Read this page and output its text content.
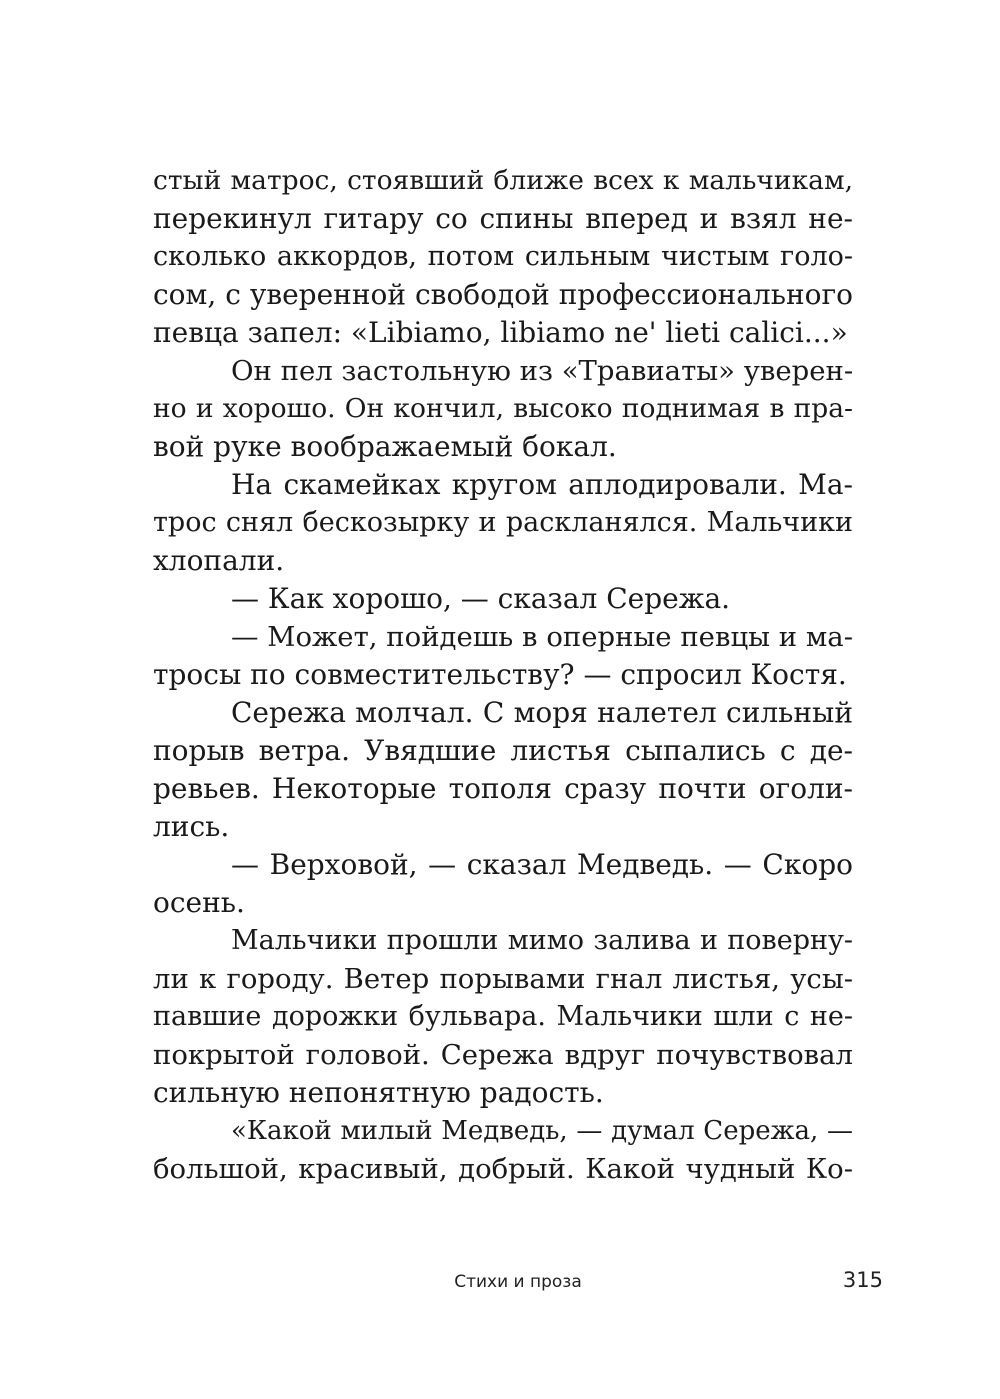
стый матрос, стоявший ближе всех к мальчикам,
перекинул гитару со спины вперед и взял не-
сколько аккордов, потом сильным чистым голо-
сом, с уверенной свободой профессионального
певца запел: «Libiamo, libiamo ne' lieti calici...»
Он пел застольную из «Травиаты» уверен-
но и хорошо. Он кончил, высоко поднимая в пра-
вой руке воображаемый бокал.
На скамейках кругом аплодировали. Ма-
трос снял бескозырку и раскланялся. Мальчики
хлопали.
— Как хорошо, — сказал Сережа.
— Может, пойдешь в оперные певцы и ма-
тросы по совместительству? — спросил Костя.
Сережа молчал. С моря налетел сильный
порыв ветра. Увядшие листья сыпались с де-
ревьев. Некоторые тополя сразу почти оголи-
лись.
— Верховой, — сказал Медведь. — Скоро
осень.
Мальчики прошли мимо залива и поверну-
ли к городу. Ветер порывами гнал листья, усы-
павшие дорожки бульвара. Мальчики шли с не-
покрытой головой. Сережа вдруг почувствовал
сильную непонятную радость.
«Какой милый Медведь, — думал Сережа, —
большой, красивый, добрый. Какой чудный Ко-
Стихи и проза	315
